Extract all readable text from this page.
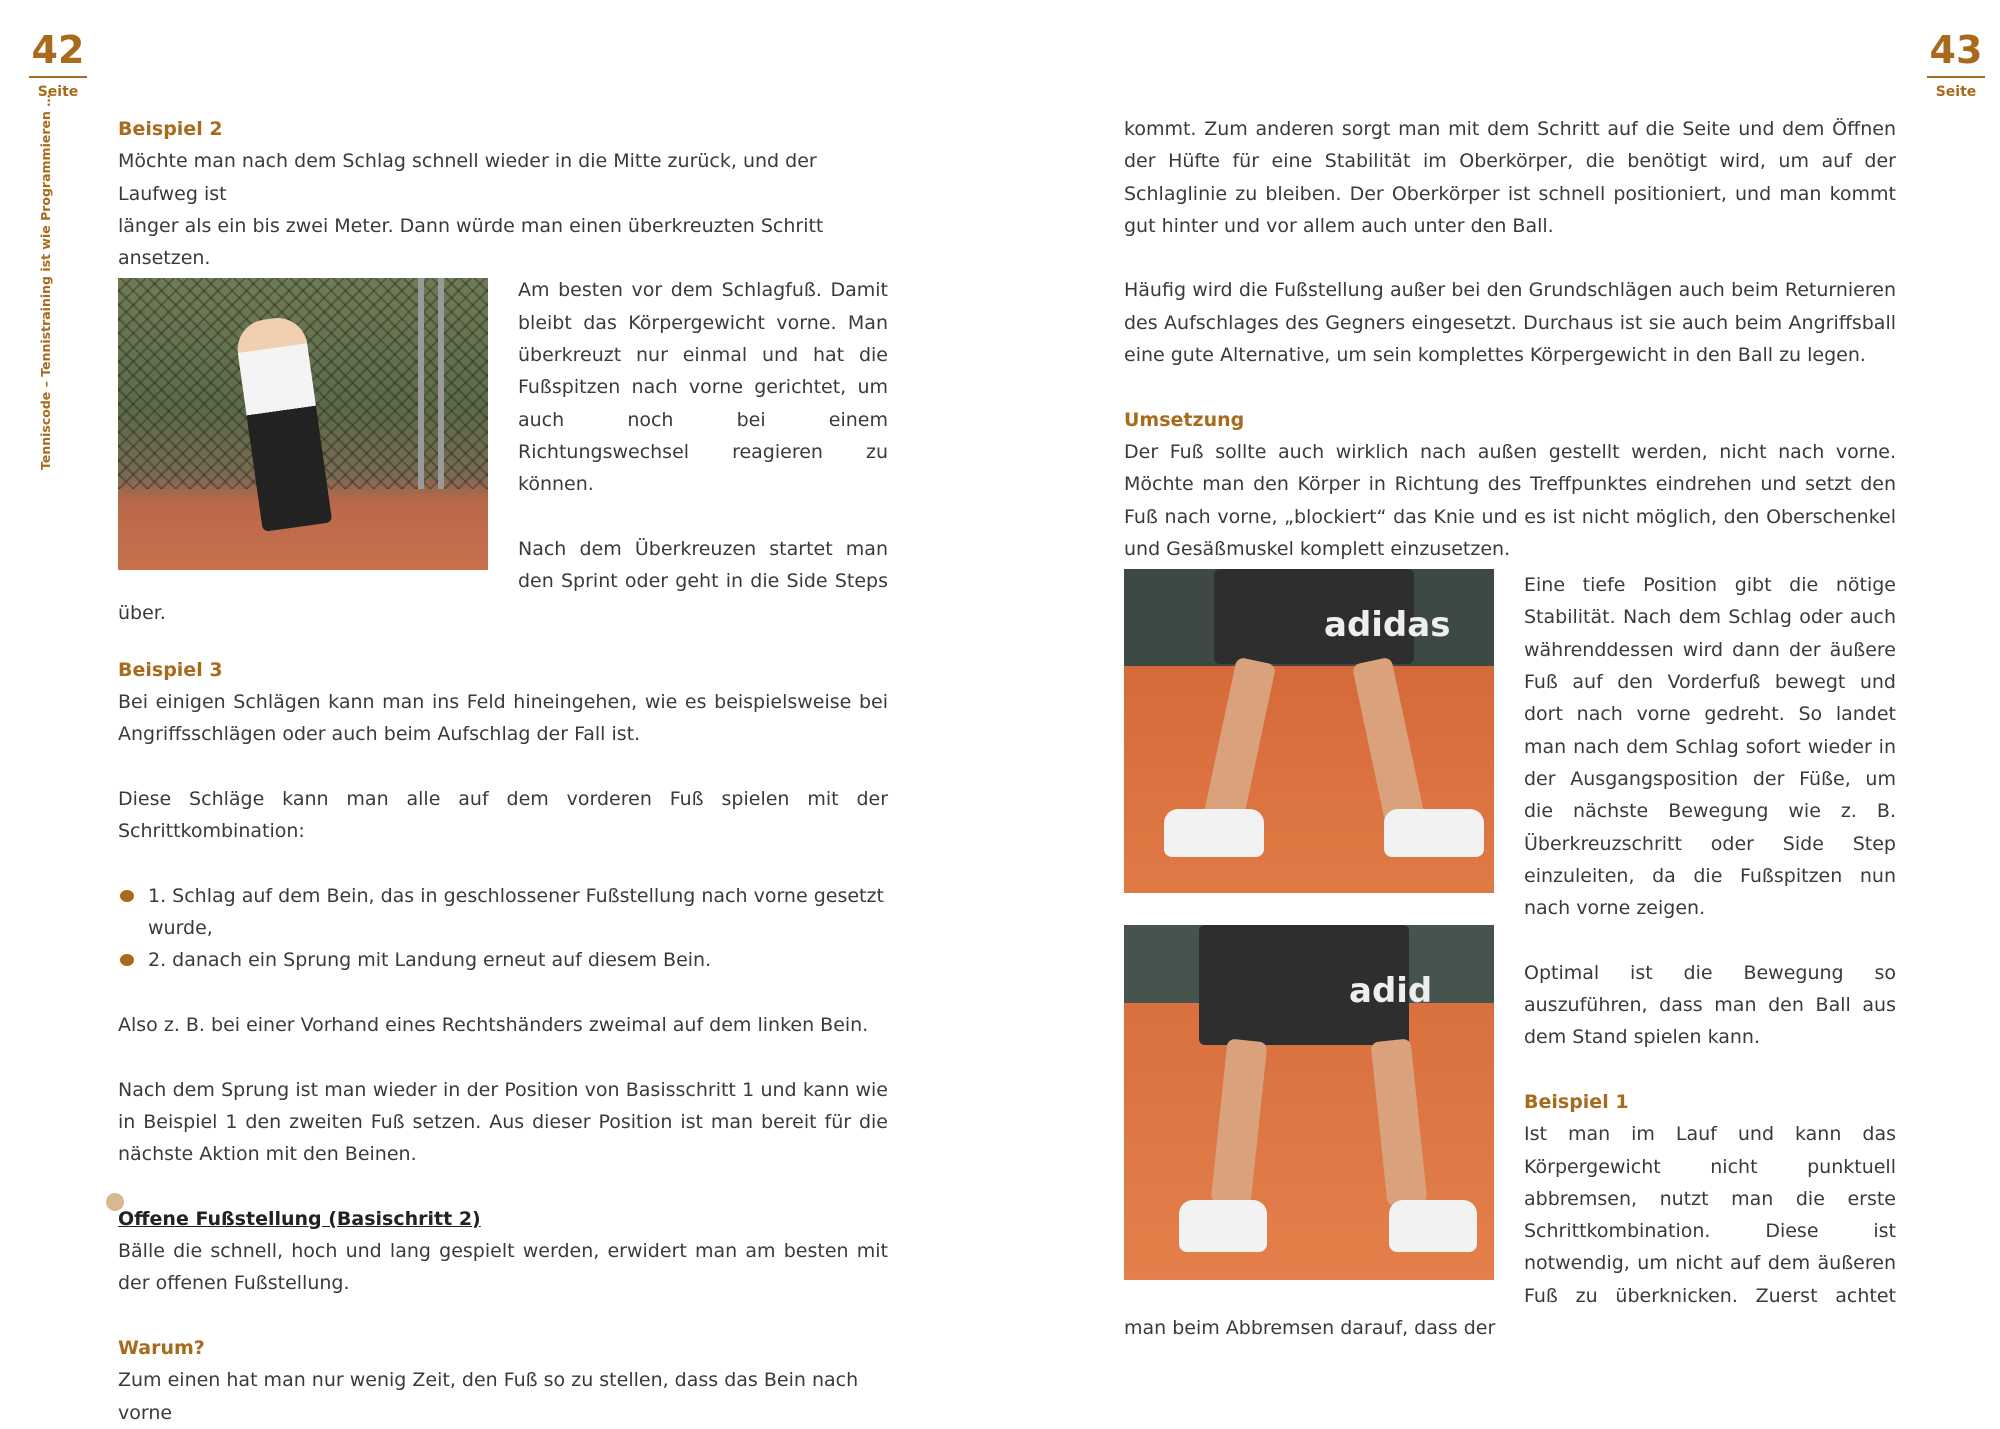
42
Seite
43
Seite
Tenniscode – Tennistraining ist wie Programmieren …	Beispiel 2

Möchte man nach dem Schlag schnell wieder in die Mitte zurück, und der Laufweg ist

länger als ein bis zwei Meter. Dann würde man einen überkreuzten Schritt ansetzen.

Am besten vor dem Schlagfuß. Damit bleibt das Körpergewicht vorne. Man überkreuzt nur einmal und hat die Fußspitzen nach vorne gerichtet, um auch noch bei einem Richtungswechsel reagieren zu können.

Nach dem Überkreuzen startet man den Sprint oder geht in die Side Steps über.

Beispiel 3

Bei einigen Schlägen kann man ins Feld hineingehen, wie es beispielsweise bei Angriffsschlägen oder auch beim Aufschlag der Fall ist.

Diese Schläge kann man alle auf dem vorderen Fuß spielen mit der Schrittkombination:

1. Schlag auf dem Bein, das in geschlossener Fußstellung nach vorne gesetzt wurde,
2. danach ein Sprung mit Landung erneut auf diesem Bein.

Also z. B. bei einer Vorhand eines Rechtshänders zweimal auf dem linken Bein.

Nach dem Sprung ist man wieder in der Position von Basisschritt 1 und kann wie in Beispiel 1 den zweiten Fuß setzen. Aus dieser Position ist man bereit für die nächste Aktion mit den Beinen.

Offene Fußstellung (Basischritt 2)

Bälle die schnell, hoch und lang gespielt werden, erwidert man am besten mit der offenen Fußstellung.

Warum?

Zum einen hat man nur wenig Zeit, den Fuß so zu stellen, dass das Bein nach vorne

kommt. Zum anderen sorgt man mit dem Schritt auf die Seite und dem Öffnen der Hüfte für eine Stabilität im Oberkörper, die benötigt wird, um auf der Schlaglinie zu bleiben. Der Oberkörper ist schnell positioniert, und man kommt gut hinter und vor allem auch unter den Ball.

Häufig wird die Fußstellung außer bei den Grundschlägen auch beim Returnieren des Aufschlages des Gegners eingesetzt. Durchaus ist sie auch beim Angriffsball eine gute Alternative, um sein komplettes Körpergewicht in den Ball zu legen.

Umsetzung

Der Fuß sollte auch wirklich nach außen gestellt werden, nicht nach vorne. Möchte man den Körper in Richtung des Treffpunktes eindrehen und setzt den Fuß nach vorne, „blockiert“ das Knie und es ist nicht möglich, den Oberschenkel und Gesäßmuskel komplett einzusetzen.

adidas
adid

Eine tiefe Position gibt die nötige Stabilität. Nach dem Schlag oder auch währenddessen wird dann der äußere Fuß auf den Vorderfuß bewegt und dort nach vorne gedreht. So landet man nach dem Schlag sofort wieder in der Ausgangsposition der Füße, um die nächste Bewegung wie z. B. Überkreuzschritt oder Side Step einzuleiten, da die Fußspitzen nun nach vorne zeigen.

Optimal ist die Bewegung so auszuführen, dass man den Ball aus dem Stand spielen kann.

Beispiel 1

Ist man im Lauf und kann das Körpergewicht nicht punktuell abbremsen, nutzt man die erste Schrittkombination. Diese ist notwendig, um nicht auf dem äußeren Fuß zu überknicken. Zuerst achtet man beim Abbremsen darauf, dass der
